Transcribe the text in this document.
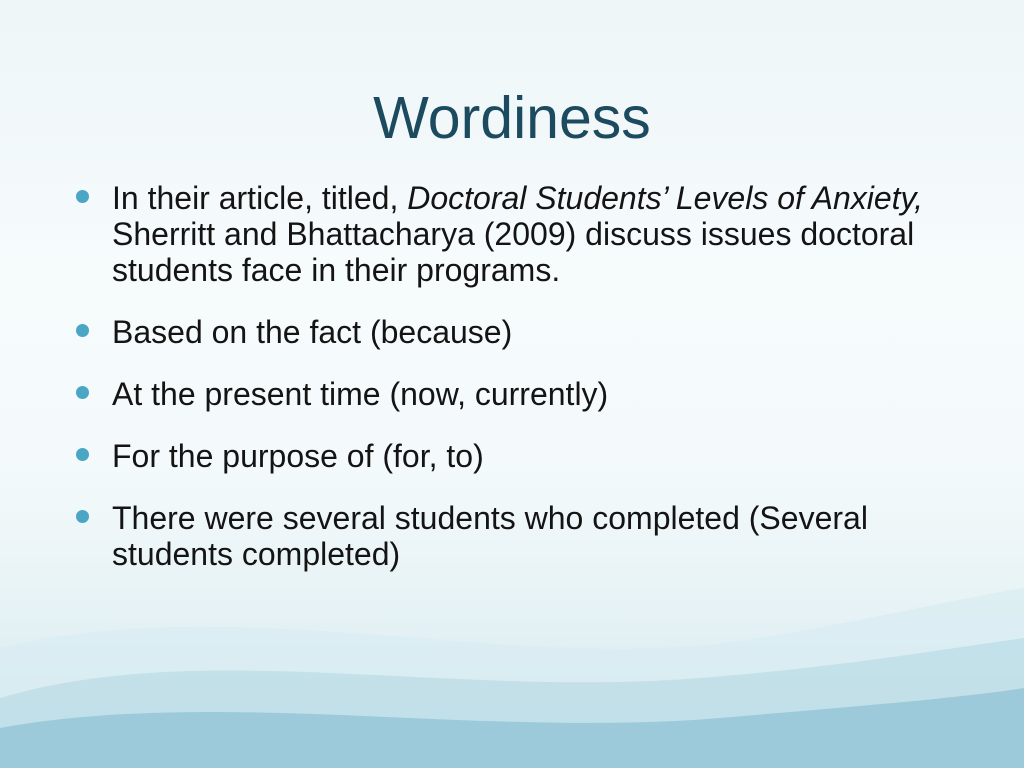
Wordiness
In their article, titled, Doctoral Students’ Levels of Anxiety, Sherritt and Bhattacharya (2009) discuss issues doctoral students face in their programs.
Based on the fact (because)
At the present time (now, currently)
For the purpose of (for, to)
There were several students who completed (Several students completed)
